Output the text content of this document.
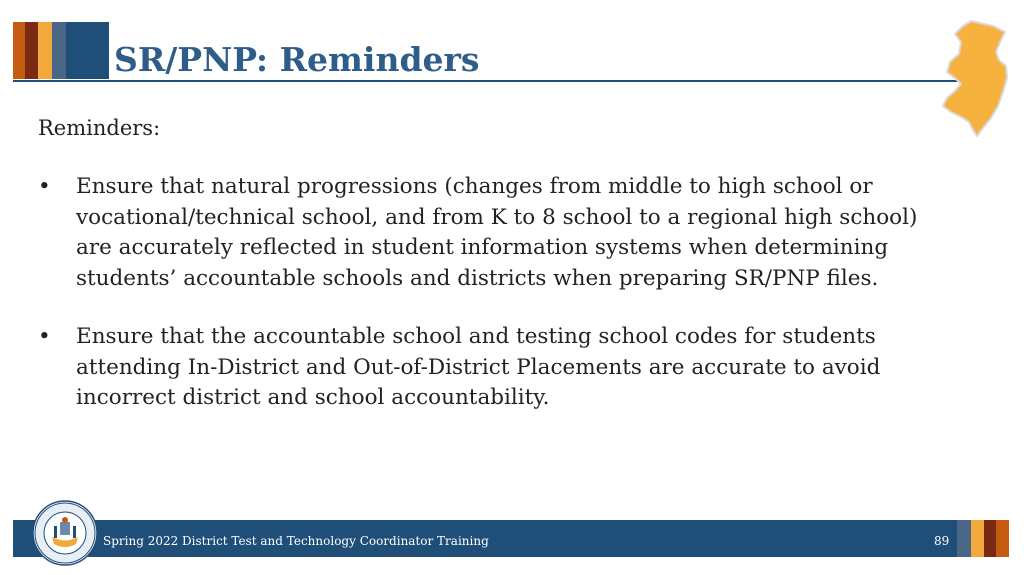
SR/PNP: Reminders

Reminders:

• Ensure that natural progressions (changes from middle to high school or vocational/technical school, and from K to 8 school to a regional high school) are accurately reflected in student information systems when determining students’ accountable schools and districts when preparing SR/PNP files.
• Ensure that the accountable school and testing school codes for students attending In-District and Out-of-District Placements are accurate to avoid incorrect district and school accountability.

Spring 2022 District Test and Technology Coordinator Training	89
